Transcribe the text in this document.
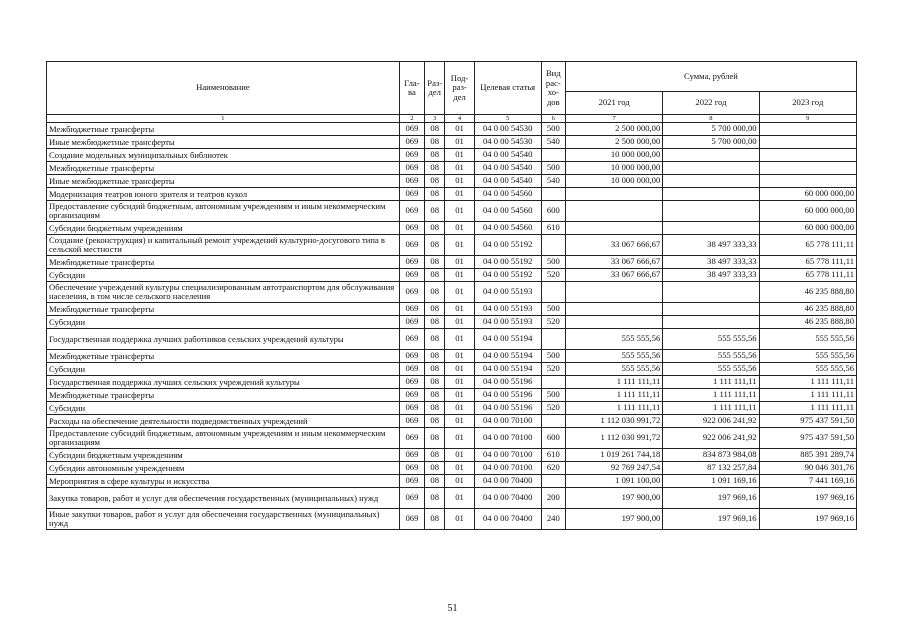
Наименование	Гла-ва	Раз-дел	Под-раз-дел	Целевая статья	Вид рас-хо-дов	Сумма, рублей		
						2021 год	2022 год	2023 год
1	2	3	4	5	6	7	8	9
Межбюджетные трансферты	069	08	01	04 0 00 54530	500	2 500 000,00	5 700 000,00	
Иные межбюджетные трансферты	069	08	01	04 0 00 54530	540	2 500 000,00	5 700 000,00	
Создание модельных муниципальных библиотек	069	08	01	04 0 00 54540		10 000 000,00		
Межбюджетные трансферты	069	08	01	04 0 00 54540	500	10 000 000,00		
Иные межбюджетные трансферты	069	08	01	04 0 00 54540	540	10 000 000,00		
Модернизация театров юного зрителя и театров кукол	069	08	01	04 0 00 54560				60 000 000,00
Предоставление субсидий бюджетным, автономным учреждениям и иным некоммерческим организациям	069	08	01	04 0 00 54560	600			60 000 000,00
Субсидии бюджетным учреждениям	069	08	01	04 0 00 54560	610			60 000 000,00
Создание (реконструкция) и капитальный ремонт учреждений культурно-досугового типа в сельской местности	069	08	01	04 0 00 55192		33 067 666,67	38 497 333,33	65 778 111,11
Межбюджетные трансферты	069	08	01	04 0 00 55192	500	33 067 666,67	38 497 333,33	65 778 111,11
Субсидии	069	08	01	04 0 00 55192	520	33 067 666,67	38 497 333,33	65 778 111,11
Обеспечение учреждений культуры специализированным автотранспортом для обслуживания населения, в том числе сельского населения	069	08	01	04 0 00 55193				46 235 888,80
Межбюджетные трансферты	069	08	01	04 0 00 55193	500			46 235 888,80
Субсидии	069	08	01	04 0 00 55193	520			46 235 888,80
Государственная поддержка лучших работников сельских учреждений культуры	069	08	01	04 0 00 55194		555 555,56	555 555,56	555 555,56
Межбюджетные трансферты	069	08	01	04 0 00 55194	500	555 555,56	555 555,56	555 555,56
Субсидии	069	08	01	04 0 00 55194	520	555 555,56	555 555,56	555 555,56
Государственная поддержка лучших сельских учреждений культуры	069	08	01	04 0 00 55196		1 111 111,11	1 111 111,11	1 111 111,11
Межбюджетные трансферты	069	08	01	04 0 00 55196	500	1 111 111,11	1 111 111,11	1 111 111,11
Субсидии	069	08	01	04 0 00 55196	520	1 111 111,11	1 111 111,11	1 111 111,11
Расходы на обеспечение деятельности подведомственных учреждений	069	08	01	04 0 00 70100		1 112 030 991,72	922 006 241,92	975 437 591,50
Предоставление субсидий бюджетным, автономным учреждениям и иным некоммерческим организациям	069	08	01	04 0 00 70100	600	1 112 030 991,72	922 006 241,92	975 437 591,50
Субсидии бюджетным учреждениям	069	08	01	04 0 00 70100	610	1 019 261 744,18	834 873 984,08	885 391 289,74
Субсидии автономным учреждениям	069	08	01	04 0 00 70100	620	92 769 247,54	87 132 257,84	90 046 301,76
Мероприятия в сфере культуры и искусства	069	08	01	04 0 00 70400		1 091 100,00	1 091 169,16	7 441 169,16
Закупка товаров, работ и услуг для обеспечения государственных (муниципальных) нужд	069	08	01	04 0 00 70400	200	197 900,00	197 969,16	197 969,16
Иные закупки товаров, работ и услуг для обеспечения государственных (муниципальных) нужд	069	08	01	04 0 00 70400	240	197 900,00	197 969,16	197 969,16
51
